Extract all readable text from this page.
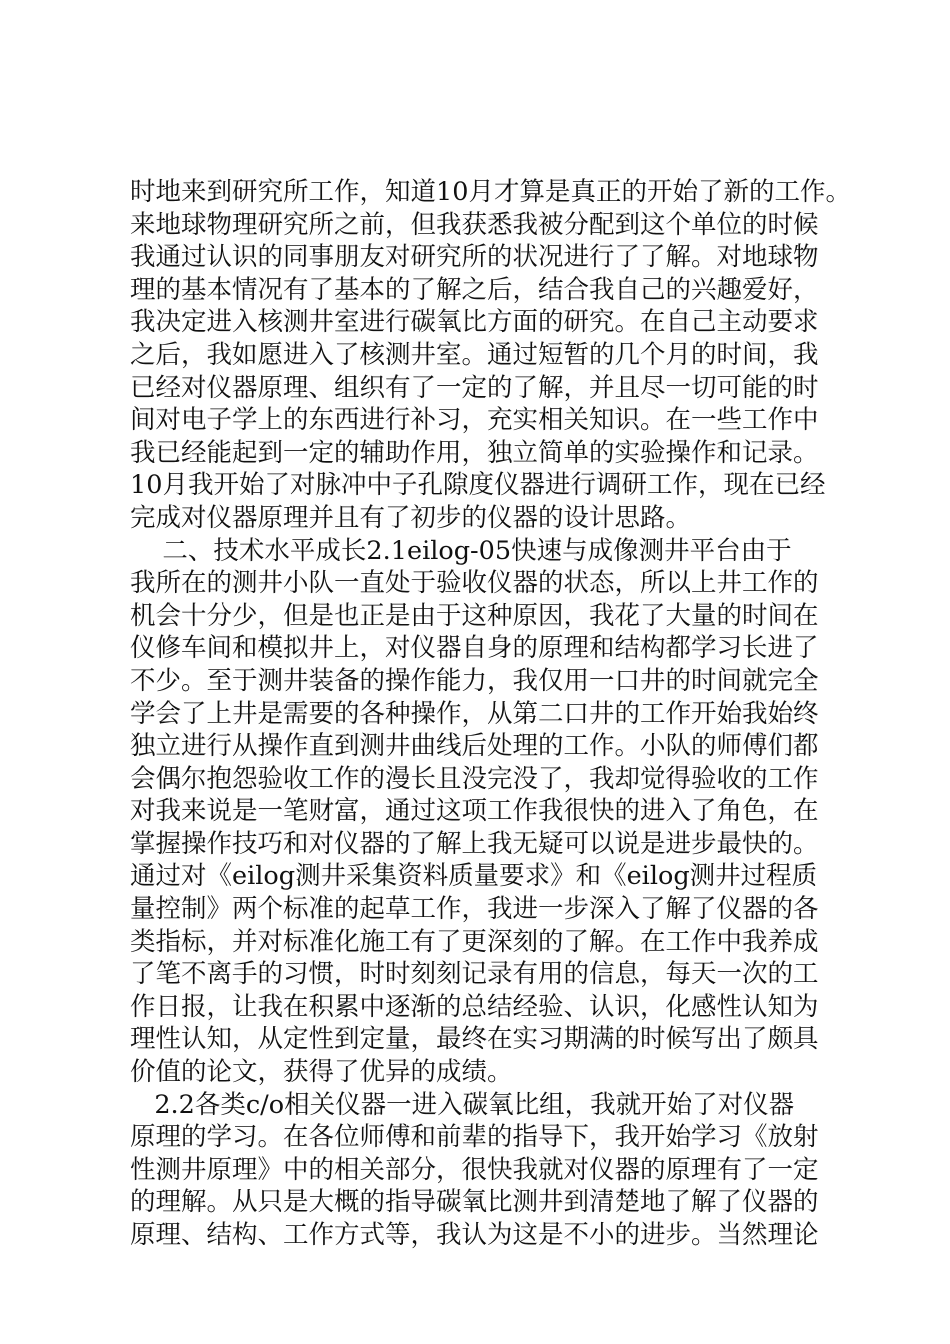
时地来到研究所工作，知道10月才算是真正的开始了新的工作。
来地球物理研究所之前，但我获悉我被分配到这个单位的时候
我通过认识的同事朋友对研究所的状况进行了了解。对地球物
理的基本情况有了基本的了解之后，结合我自己的兴趣爱好，
我决定进入核测井室进行碳氧比方面的研究。在自己主动要求
之后，我如愿进入了核测井室。通过短暂的几个月的时间，我
已经对仪器原理、组织有了一定的了解，并且尽一切可能的时
间对电子学上的东西进行补习，充实相关知识。在一些工作中
我已经能起到一定的辅助作用，独立简单的实验操作和记录。
10月我开始了对脉冲中子孔隙度仪器进行调研工作，现在已经
完成对仪器原理并且有了初步的仪器的设计思路。
二、技术水平成长2.1eilog-05快速与成像测井平台由于
我所在的测井小队一直处于验收仪器的状态，所以上井工作的
机会十分少，但是也正是由于这种原因，我花了大量的时间在
仪修车间和模拟井上，对仪器自身的原理和结构都学习长进了
不少。至于测井装备的操作能力，我仅用一口井的时间就完全
学会了上井是需要的各种操作，从第二口井的工作开始我始终
独立进行从操作直到测井曲线后处理的工作。小队的师傅们都
会偶尔抱怨验收工作的漫长且没完没了，我却觉得验收的工作
对我来说是一笔财富，通过这项工作我很快的进入了角色，在
掌握操作技巧和对仪器的了解上我无疑可以说是进步最快的。
通过对《eilog测井采集资料质量要求》和《eilog测井过程质
量控制》两个标准的起草工作，我进一步深入了解了仪器的各
类指标，并对标准化施工有了更深刻的了解。在工作中我养成
了笔不离手的习惯，时时刻刻记录有用的信息，每天一次的工
作日报，让我在积累中逐渐的总结经验、认识，化感性认知为
理性认知，从定性到定量，最终在实习期满的时候写出了颇具
价值的论文，获得了优异的成绩。
2.2各类c/o相关仪器一进入碳氧比组，我就开始了对仪器
原理的学习。在各位师傅和前辈的指导下，我开始学习《放射
性测井原理》中的相关部分，很快我就对仪器的原理有了一定
的理解。从只是大概的指导碳氧比测井到清楚地了解了仪器的
原理、结构、工作方式等，我认为这是不小的进步。当然理论
